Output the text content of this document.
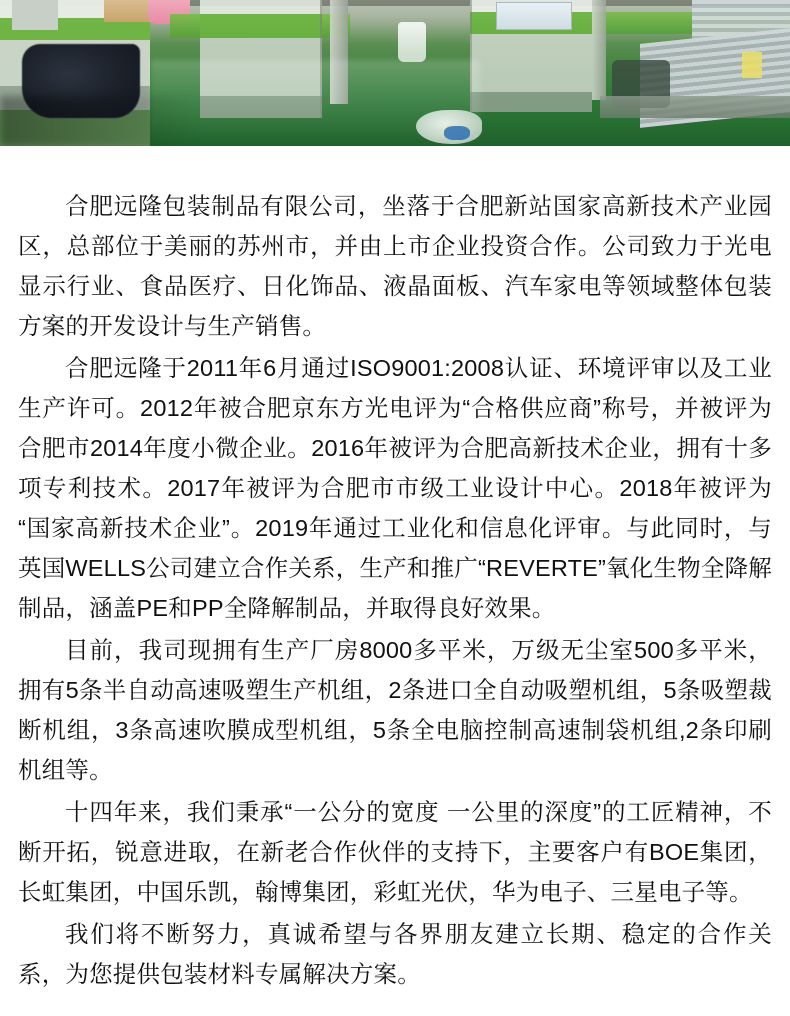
合肥远隆包装制品有限公司，坐落于合肥新站国家高新技术产业园区，总部位于美丽的苏州市，并由上市企业投资合作。公司致力于光电显示行业、食品医疗、日化饰品、液晶面板、汽车家电等领域整体包装方案的开发设计与生产销售。

合肥远隆于2011年6月通过ISO9001:2008认证、环境评审以及工业生产许可。2012年被合肥京东方光电评为“合格供应商”称号，并被评为合肥市2014年度小微企业。2016年被评为合肥高新技术企业，拥有十多项专利技术。2017年被评为合肥市市级工业设计中心。2018年被评为“国家高新技术企业”。2019年通过工业化和信息化评审。与此同时，与英国WELLS公司建立合作关系，生产和推广“REVERTE”氧化生物全降解制品，涵盖PE和PP全降解制品，并取得良好效果。

目前，我司现拥有生产厂房8000多平米，万级无尘室500多平米，拥有5条半自动高速吸塑生产机组，2条进口全自动吸塑机组，5条吸塑裁断机组，3条高速吹膜成型机组，5条全电脑控制高速制袋机组,2条印刷机组等。

十四年来，我们秉承“一公分的宽度 一公里的深度”的工匠精神，不断开拓，锐意进取，在新老合作伙伴的支持下，主要客户有BOE集团，长虹集团，中国乐凯，翰博集团，彩虹光伏，华为电子、三星电子等。

我们将不断努力，真诚希望与各界朋友建立长期、稳定的合作关系，为您提供包装材料专属解决方案。
